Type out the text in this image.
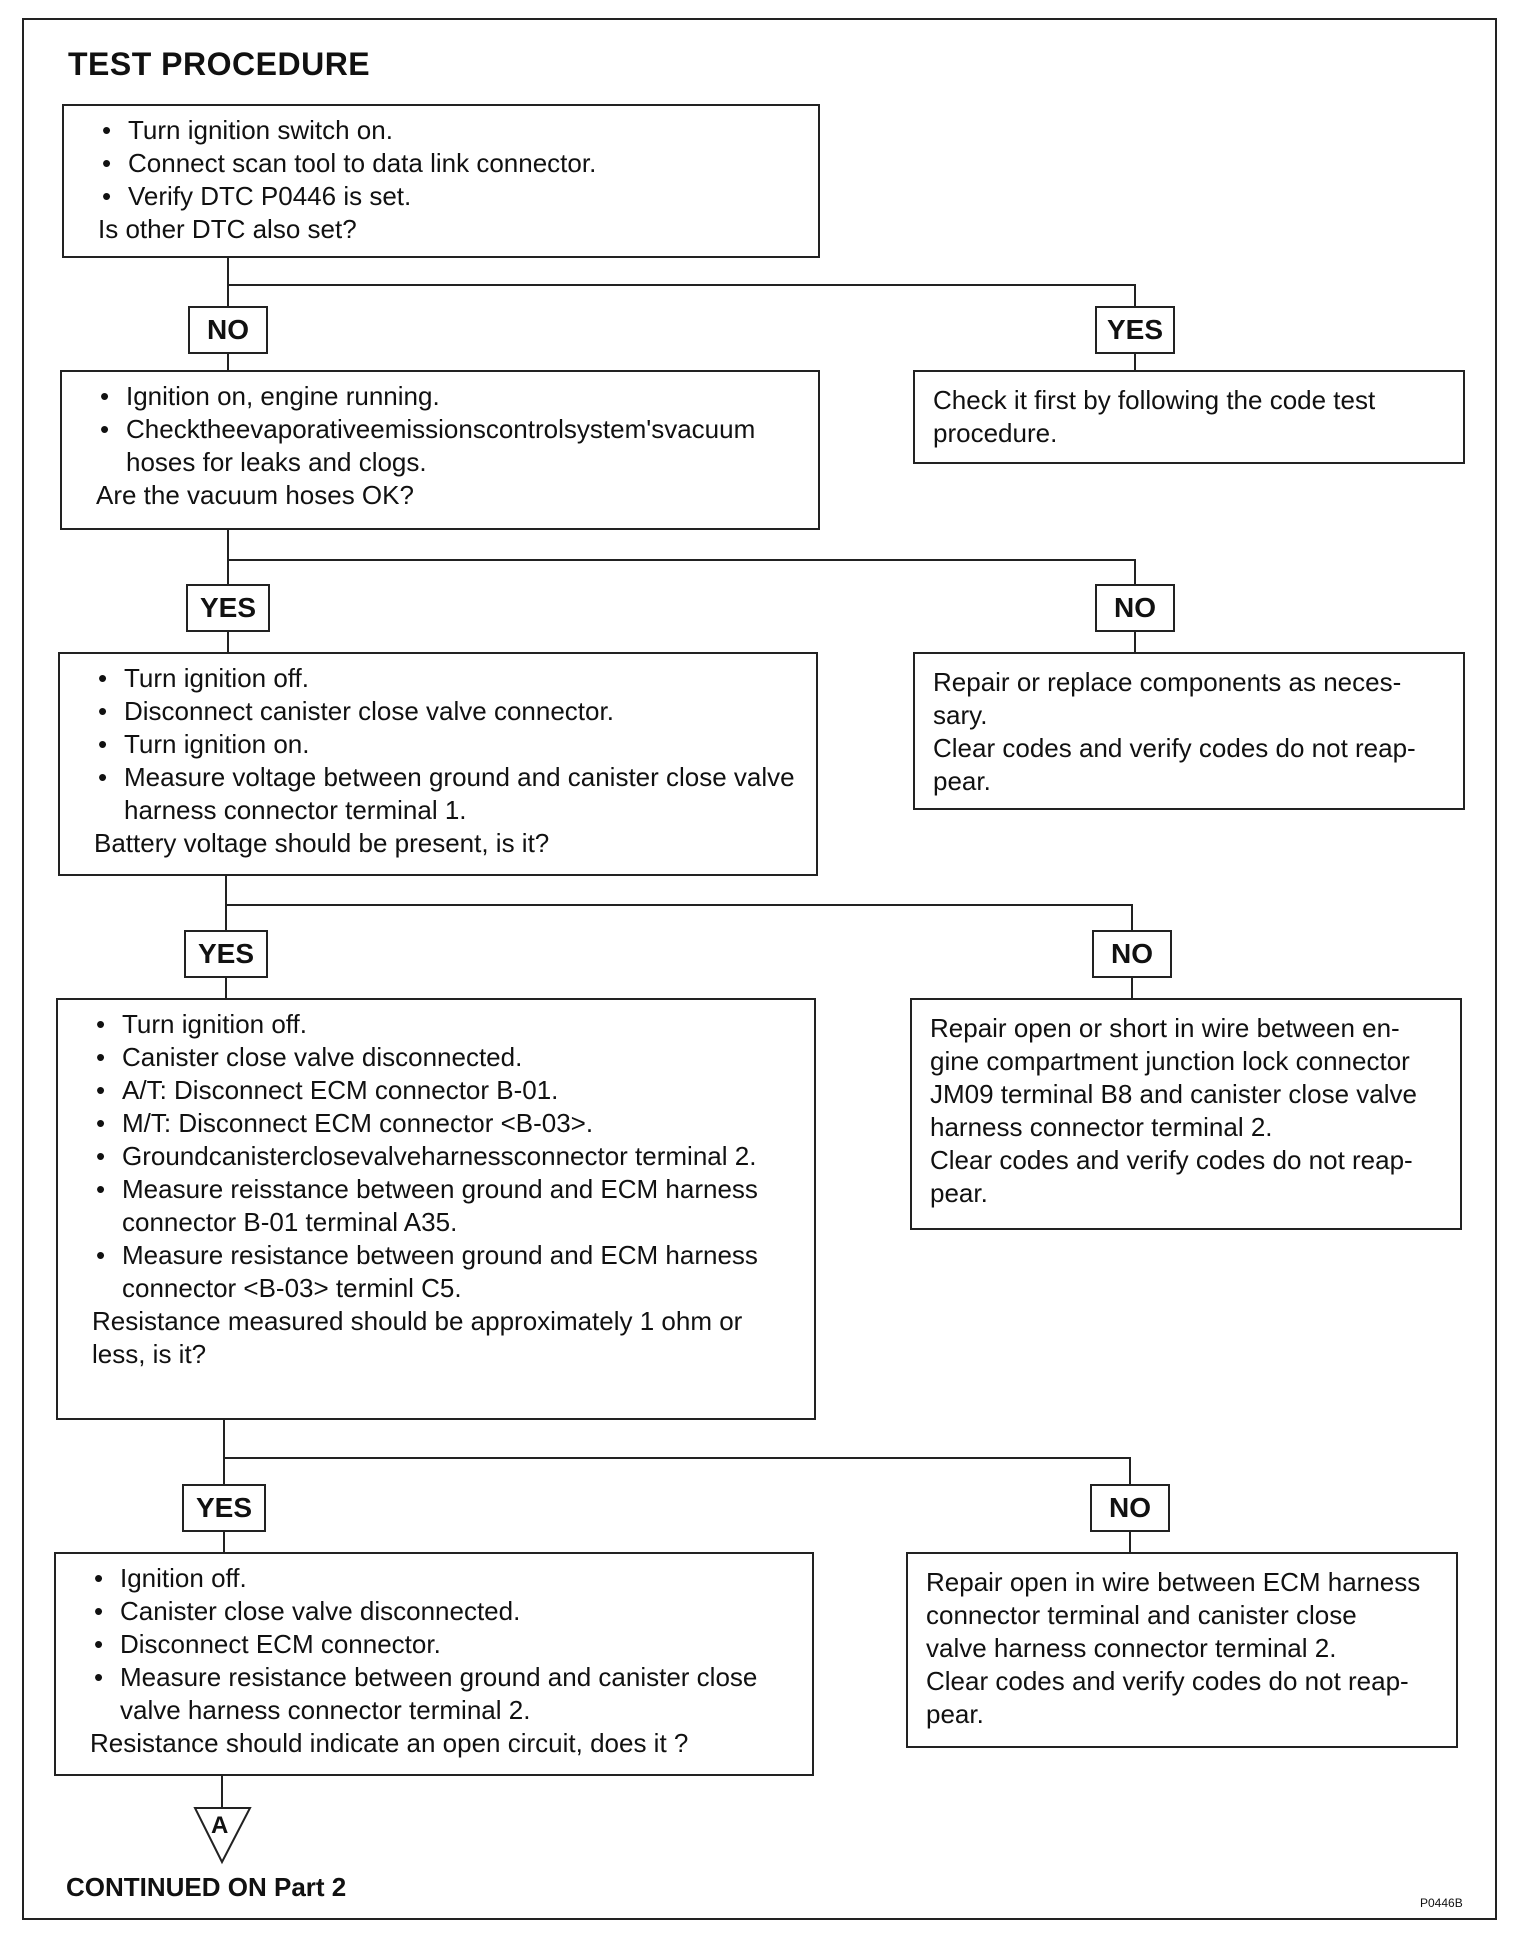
TEST PROCEDURE
A
• Turn ignition switch on.
• Connect scan tool to data link connector.
• Verify DTC P0446 is set.
Is other DTC also set?
NO	YES
Check it first by following the code test
procedure.
• Ignition on, engine running.
• Checktheevaporativeemissionscontrolsystem'svacuum hoses for leaks and clogs.
Are the vacuum hoses OK?
YES	NO
Repair or replace components as neces-
sary.
Clear codes and verify codes do not reap-
pear.
• Turn ignition off.
• Disconnect canister close valve connector.
• Turn ignition on.
• Measure voltage between ground and canister close valve harness connector terminal 1.
Battery voltage should be present, is it?
YES	NO
Repair open or short in wire between en-
gine compartment junction lock connector
JM09 terminal B8 and canister close valve
harness connector terminal 2.
Clear codes and verify codes do not reap-
pear.
• Turn ignition off.
• Canister close valve disconnected.
• A/T: Disconnect ECM connector B-01.
• M/T: Disconnect ECM connector <B-03>.
• Groundcanisterclosevalveharnessconnector terminal 2.
• Measure reisstance between ground and ECM harness connector B-01 terminal A35.
• Measure resistance between ground and ECM harness connector <B-03> terminl C5.
Resistance measured should be approximately 1 ohm or less, is it?
YES	NO
Repair open in wire between ECM harness
connector terminal and canister close
valve harness connector terminal 2.
Clear codes and verify codes do not reap-
pear.
• Ignition off.
• Canister close valve disconnected.
• Disconnect ECM connector.
• Measure resistance between ground and canister close valve harness connector terminal 2.
Resistance should indicate an open circuit, does it ?
CONTINUED ON Part 2
P0446B
